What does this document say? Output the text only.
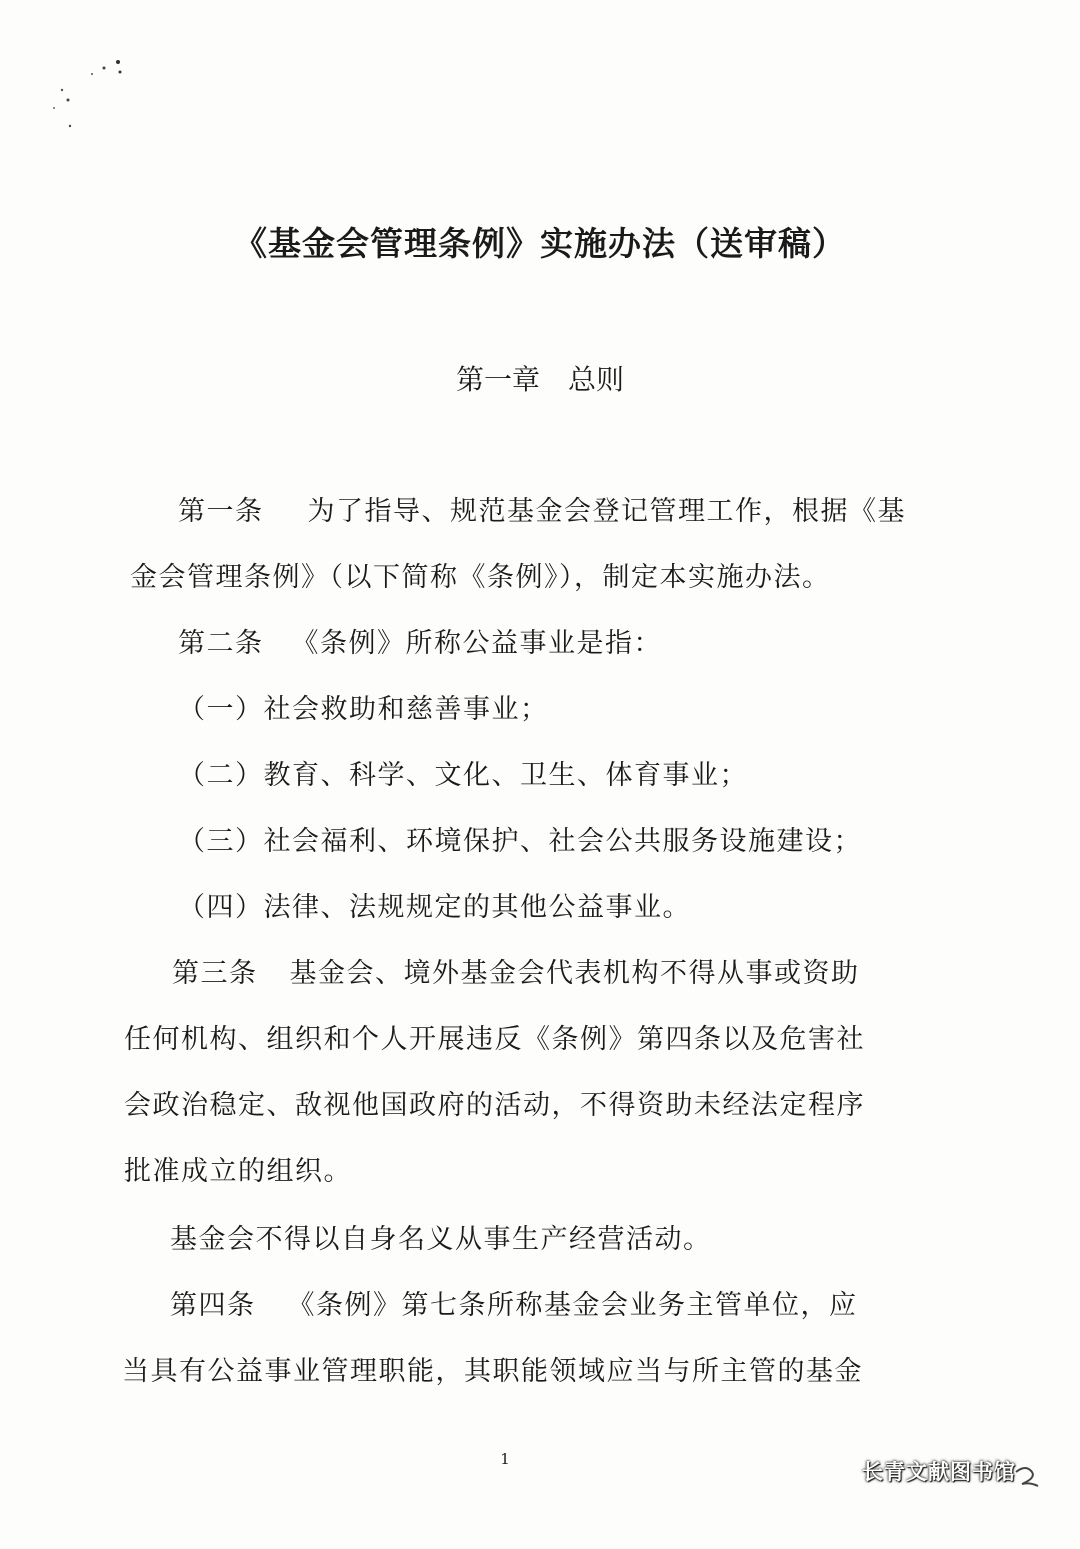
《基金会管理条例》实施办法（送审稿）
第一章　总则
第一条 为了指导、规范基金会登记管理工作，根据《基
金会管理条例》（以下简称《条例》），制定本实施办法。
第二条 《条例》所称公益事业是指：
（一）社会救助和慈善事业；
（二）教育、科学、文化、卫生、体育事业；
（三）社会福利、环境保护、社会公共服务设施建设；
（四）法律、法规规定的其他公益事业。
第三条 基金会、境外基金会代表机构不得从事或资助
任何机构、组织和个人开展违反《条例》第四条以及危害社
会政治稳定、敌视他国政府的活动，不得资助未经法定程序
批准成立的组织。
基金会不得以自身名义从事生产经营活动。
第四条 《条例》第七条所称基金会业务主管单位，应
当具有公益事业管理职能，其职能领域应当与所主管的基金
1
长青文献图书馆
